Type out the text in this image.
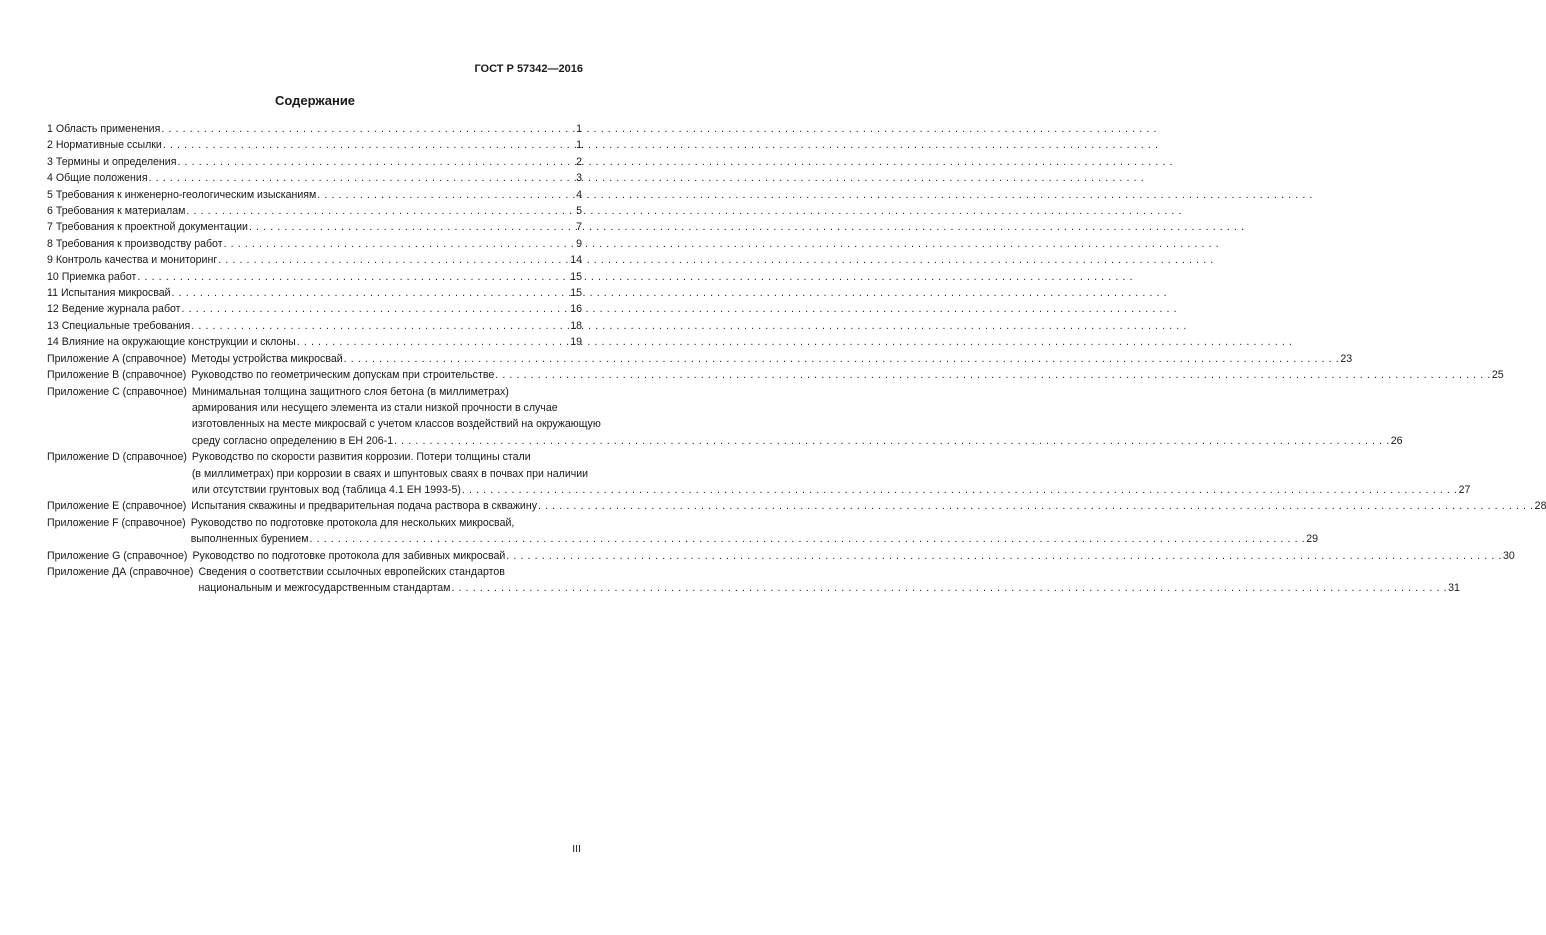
ГОСТ Р 57342—2016
Содержание
1 Область применения . . .	1
2 Нормативные ссылки . . .	1
3 Термины и определения . . .	2
4 Общие положения . . .	3
5 Требования к инженерно-геологическим изысканиям . . .	4
6 Требования к материалам . . .	5
7 Требования к проектной документации . . .	7
8 Требования к производству работ . . .	9
9 Контроль качества и мониторинг . . .	14
10 Приемка работ . . .	15
11 Испытания микросвай . . .	15
12 Ведение журнала работ . . .	16
13 Специальные требования . . .	18
14 Влияние на окружающие конструкции и склоны . . .	19
Приложение А (справочное) Методы устройства микросвай . . .	23
Приложение В (справочное) Руководство по геометрическим допускам при строительстве . . .	25
Приложение С (справочное) Минимальная толщина защитного слоя бетона (в миллиметрах)
армирования или несущего элемента из стали низкой прочности в случае
изготовленных на месте микросвай с учетом классов воздействий на окружающую
среду согласно определению в ЕН 206-1 . . .	26
Приложение D (справочное) Руководство по скорости развития коррозии. Потери толщины стали
(в миллиметрах) при коррозии в сваях и шпунтовых сваях в почвах при наличии
или отсутствии грунтовых вод (таблица 4.1 ЕН 1993-5) . . .	27
Приложение Е (справочное) Испытания скважины и предварительная подача раствора в скважину . . .	28
Приложение F (справочное) Руководство по подготовке протокола для нескольких микросвай,
выполненных бурением . . .	29
Приложение G (справочное) Руководство по подготовке протокола для забивных микросвай . . .	30
Приложение ДА (справочное) Сведения о соответствии ссылочных европейских стандартов
национальным и межгосударственным стандартам . . .	31
III
